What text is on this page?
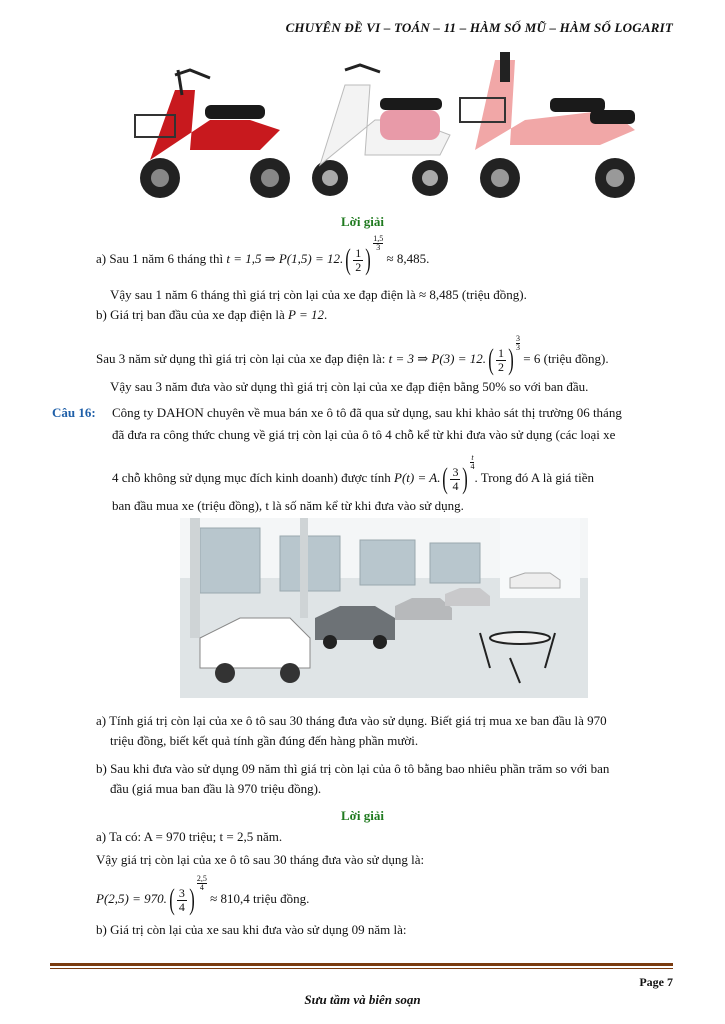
CHUYÊN ĐỀ VI – TOÁN – 11 – HÀM SỐ MŨ – HÀM SỐ LOGARIT
Lời giải
a) Sau 1 năm 6 tháng thì t = 1,5 ⇒ $P(1,5) = 12.( \frac{1}{2}$ ) $\frac{1,5}{3} \approx 8,485$.
Vậy sau 1 năm 6 tháng thì giá trị còn lại của xe đạp điện là ≈ 8,485 (triệu đồng).
b) Giá trị ban đầu của xe đạp điện là P = 12.
Sau 3 năm sử dụng thì giá trị còn lại của xe đạp điện là: t = 3 ⇒ $P(3) = 12.( \frac{1}{2}$ ) $\frac{3}{3} = 6$ (triệu đồng).
Vậy sau 3 năm đưa vào sử dụng thì giá trị còn lại của xe đạp điện bằng 50% so với ban đầu.
Câu 16: Công ty DAHON chuyên về mua bán xe ô tô đã qua sử dụng, sau khi khảo sát thị trường 06 tháng
đã đưa ra công thức chung về giá trị còn lại của ô tô 4 chỗ kể từ khi đưa vào sử dụng (các loại xe
4 chỗ không sử dụng mục đích kinh doanh) được tính $P(t) = A.( \frac{3}{4}$ ) $\frac{t}{4}$. Trong đó A là giá tiền
ban đầu mua xe (triệu đồng), t là số năm kể từ khi đưa vào sử dụng.
a) Tính giá trị còn lại của xe ô tô sau 30 tháng đưa vào sử dụng. Biết giá trị mua xe ban đầu là 970
triệu đồng, biết kết quả tính gần đúng đến hàng phần mười.
b) Sau khi đưa vào sử dụng 09 năm thì giá trị còn lại của ô tô bằng bao nhiêu phần trăm so với ban
đầu (giá mua ban đầu là 970 triệu đồng).
Lời giải
a) Ta có: A = 970 triệu; t = 2,5 năm.
Vậy giá trị còn lại của xe ô tô sau 30 tháng đưa vào sử dụng là:
$P(2,5) = 970.( \frac{3}{4}$ ) $\frac{2,5}{4} \approx 810,4$ triệu đồng.
b) Giá trị còn lại của xe sau khi đưa vào sử dụng 09 năm là:
Page 7
Sưu tầm và biên soạn
